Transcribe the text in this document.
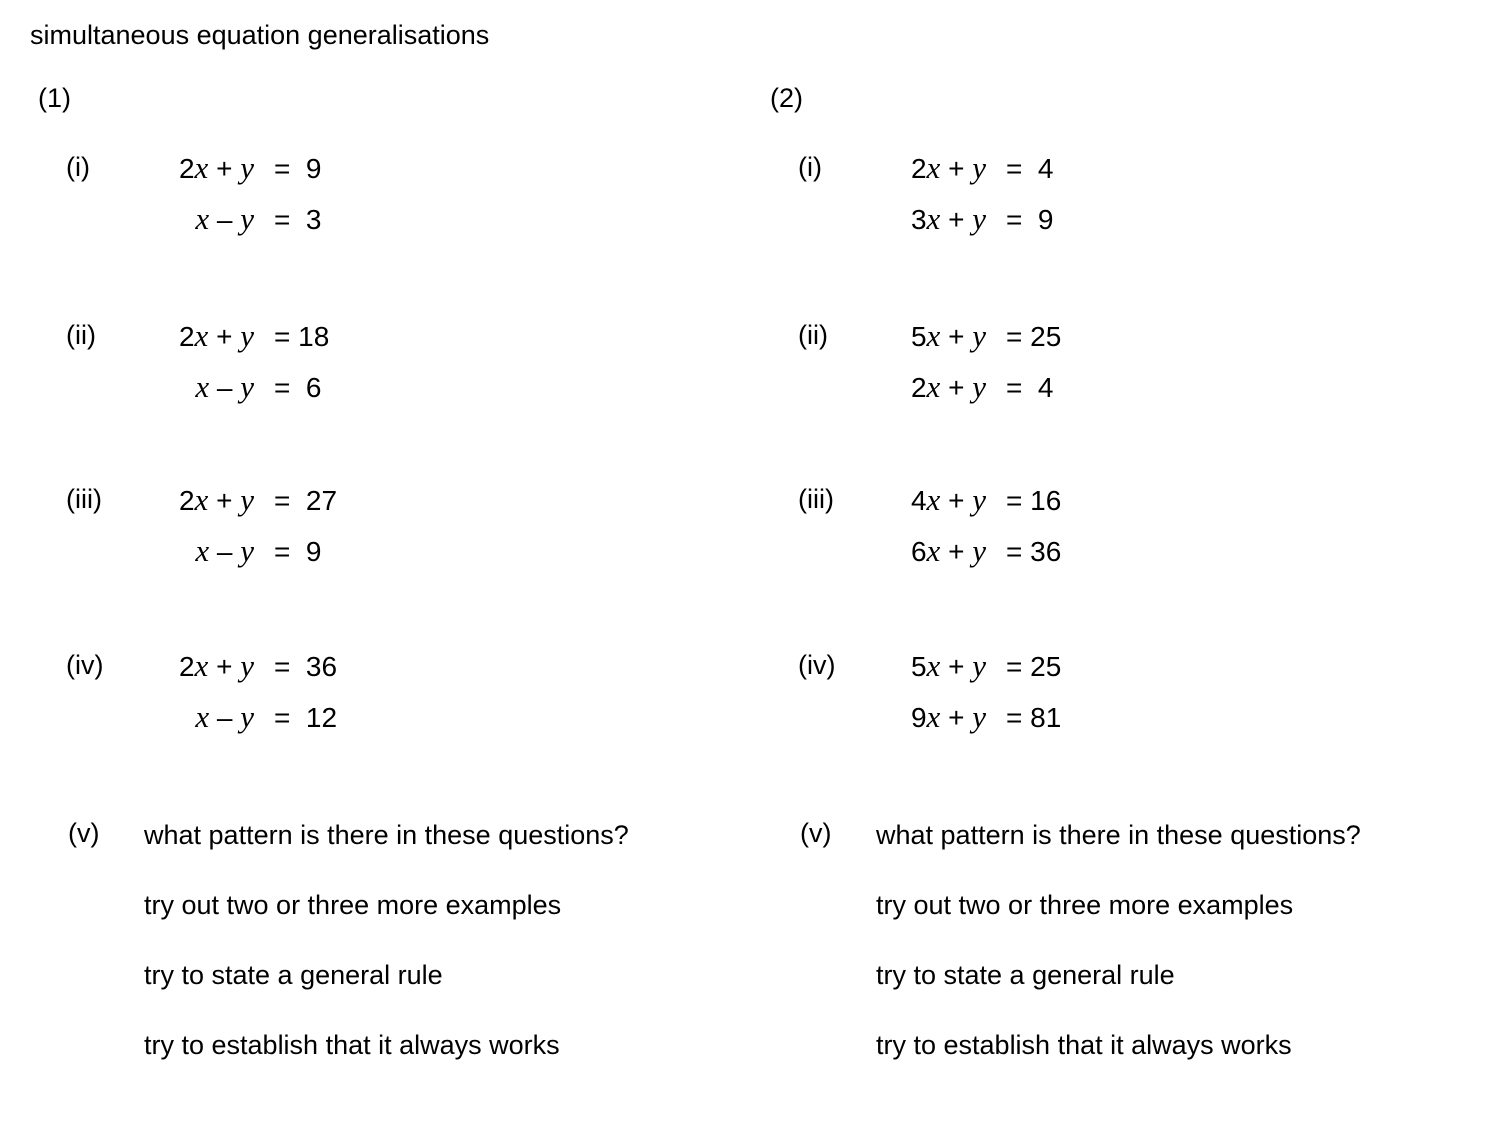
simultaneous equation generalisations
(1)
(i)	2x + y =  9
x – y =  3
(ii)	2x + y = 18
x – y =  6
(iii)	2x + y =  27
x – y =  9
(iv)	2x + y =  36
x – y =  12
(v) what pattern is there in these questions?
try out two or three more examples
try to state a general rule
try to establish that it always works
(2)
(i)	2x + y =  4
3x + y =  9
(ii)	5x + y = 25
2x + y =  4
(iii)	4x + y = 16
6x + y = 36
(iv)	5x + y = 25
9x + y = 81
(v) what pattern is there in these questions?
try out two or three more examples
try to state a general rule
try to establish that it always works
